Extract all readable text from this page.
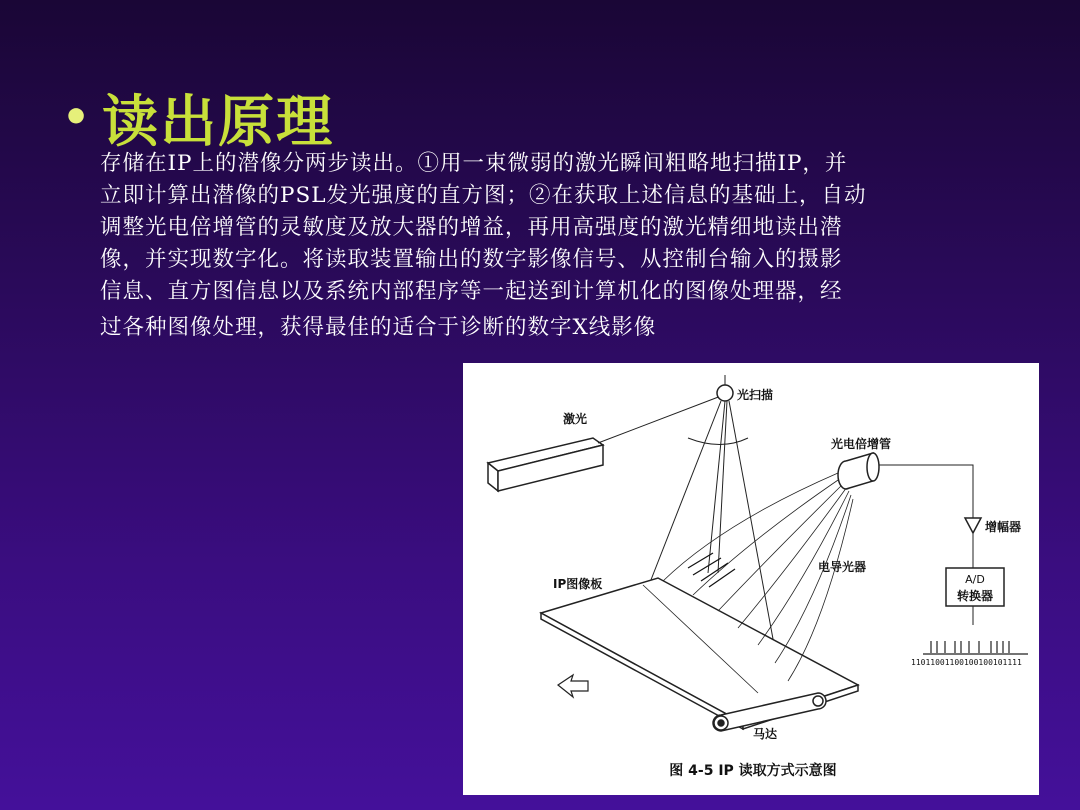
• 读出原理
存储在IP上的潜像分两步读出。①用一束微弱的激光瞬间粗略地扫描IP，并
立即计算出潜像的PSL发光强度的直方图；②在获取上述信息的基础上，自动
调整光电倍增管的灵敏度及放大器的增益，再用高强度的激光精细地读出潜
像，并实现数字化。将读取装置输出的数字影像信号、从控制台输入的摄影
信息、直方图信息以及系统内部程序等一起送到计算机化的图像处理器，经
过各种图像处理，获得最佳的适合于诊断的数字X线影像
激光
光扫描
IP图像板
电导光器
光电倍增管
增幅器
A/D
转换器
11011001100100100101111
马达
图 4-5 IP 读取方式示意图
